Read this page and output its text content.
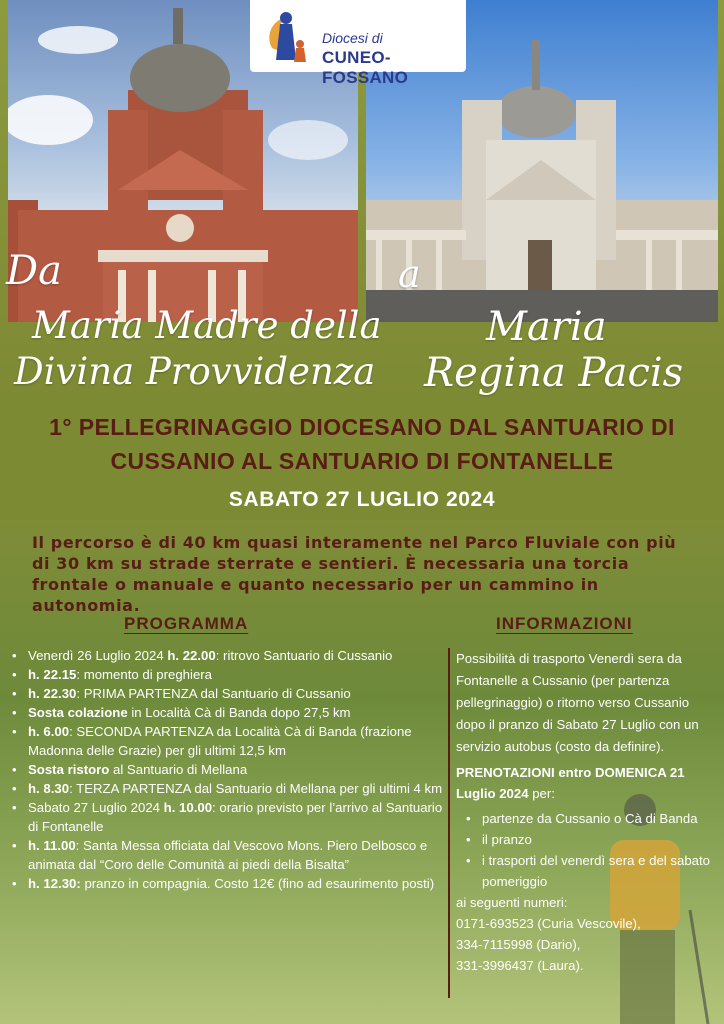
Diocesi di
CUNEO-FOSSANO
Da
Maria Madre della
Divina Provvidenza
a
Maria
Regina Pacis
1° PELLEGRINAGGIO DIOCESANO DAL SANTUARIO DI
CUSSANIO AL SANTUARIO DI FONTANELLE
SABATO 27 LUGLIO 2024
Il percorso è di 40 km quasi interamente nel Parco Fluviale con più di 30 km su strade sterrate e sentieri. È necessaria una torcia frontale o manuale e quanto necessario per un cammino in autonomia.
PROGRAMMA
• Venerdì 26 Luglio 2024 h. 22.00: ritrovo Santuario di Cussanio
• h. 22.15: momento di preghiera
• h. 22.30: PRIMA PARTENZA dal Santuario di Cussanio
• Sosta colazione in Località Cà di Banda dopo 27,5 km
• h. 6.00: SECONDA PARTENZA da Località Cà di Banda (frazione Madonna delle Grazie) per gli ultimi 12,5 km
• Sosta ristoro al Santuario di Mellana
• h. 8.30: TERZA PARTENZA dal Santuario di Mellana per gli ultimi 4 km
• Sabato 27 Luglio 2024 h. 10.00: orario previsto per l’arrivo al Santuario di Fontanelle
• h. 11.00: Santa Messa officiata dal Vescovo Mons. Piero Delbosco e animata dal “Coro delle Comunità ai piedi della Bisalta”
• h. 12.30: pranzo in compagnia. Costo 12€ (fino ad esaurimento posti)
INFORMAZIONI

Possibilità di trasporto Venerdì sera da Fontanelle a Cussanio (per partenza pellegrinaggio) o ritorno verso Cussanio dopo il pranzo di Sabato 27 Luglio con un servizio autobus (costo da definire).

PRENOTAZIONI entro DOMENICA 21 Luglio 2024 per:

• partenze da Cussanio o Cà di Banda
• il pranzo
• i trasporti del venerdì sera e del sabato pomeriggio
ai seguenti numeri:
0171-693523 (Curia Vescovile),
334-7115998 (Dario),
331-3996437 (Laura).
